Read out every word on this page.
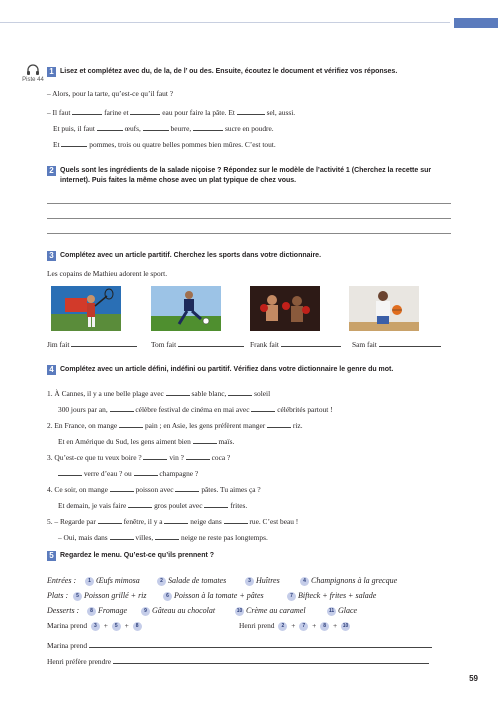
Piste 44
1 Lisez et complétez avec du, de la, de l’ ou des. Ensuite, écoutez le document et vérifiez vos réponses.
– Alors, pour la tarte, qu’est-ce qu’il faut ?
– Il faut	farine et	eau pour faire la pâte. Et	sel, aussi.
Et puis, il faut	œufs,	beurre,	sucre en poudre.
Et	pommes, trois ou quatre belles pommes bien mûres. C’est tout.
2 Quels sont les ingrédients de la salade niçoise ? Répondez sur le modèle de l’activité 1 (Cherchez la recette sur internet). Puis faites la même chose avec un plat typique de chez vous.
3 Complétez avec un article partitif. Cherchez les sports dans votre dictionnaire.
Les copains de Mathieu adorent le sport.
Jim fait	Tom fait	Frank fait	Sam fait
4 Complétez avec un article défini, indéfini ou partitif. Vérifiez dans votre dictionnaire le genre du mot.
1. À Cannes, il y a une belle plage avec	sable blanc,	soleil
300 jours par an,	célèbre festival de cinéma en mai avec	célébrités partout !
2. En France, on mange	pain ; en Asie, les gens préfèrent manger	riz.
Et en Amérique du Sud, les gens aiment bien	maïs.
3. Qu’est-ce que tu veux boire ?	vin ?	coca ?
verre d’eau ? ou	champagne ?
4. Ce soir, on mange	poisson avec	pâtes. Tu aimes ça ?
Et demain, je vais faire	gros poulet avec	frites.
5. – Regarde par	fenêtre, il y a	neige dans	rue. C’est beau !
– Oui, mais dans	villes,	neige ne reste pas longtemps.
5 Regardez le menu. Qu’est-ce qu’ils prennent ?
Entrées :	1 Œufs mimosa	2 Salade de tomates	3 Huîtres	4 Champignons à la grecque
Plats :	5 Poisson grillé + riz	6 Poisson à la tomate + pâtes	7 Bifteck + frites + salade
Desserts :	8 Fromage	9 Gâteau au chocolat	10 Crème au caramel	11 Glace
Marina prend 3 + 5 + 8	Henri prend 2 + 7 + 8 + 10
Marina prend
Henri préfère prendre
59
